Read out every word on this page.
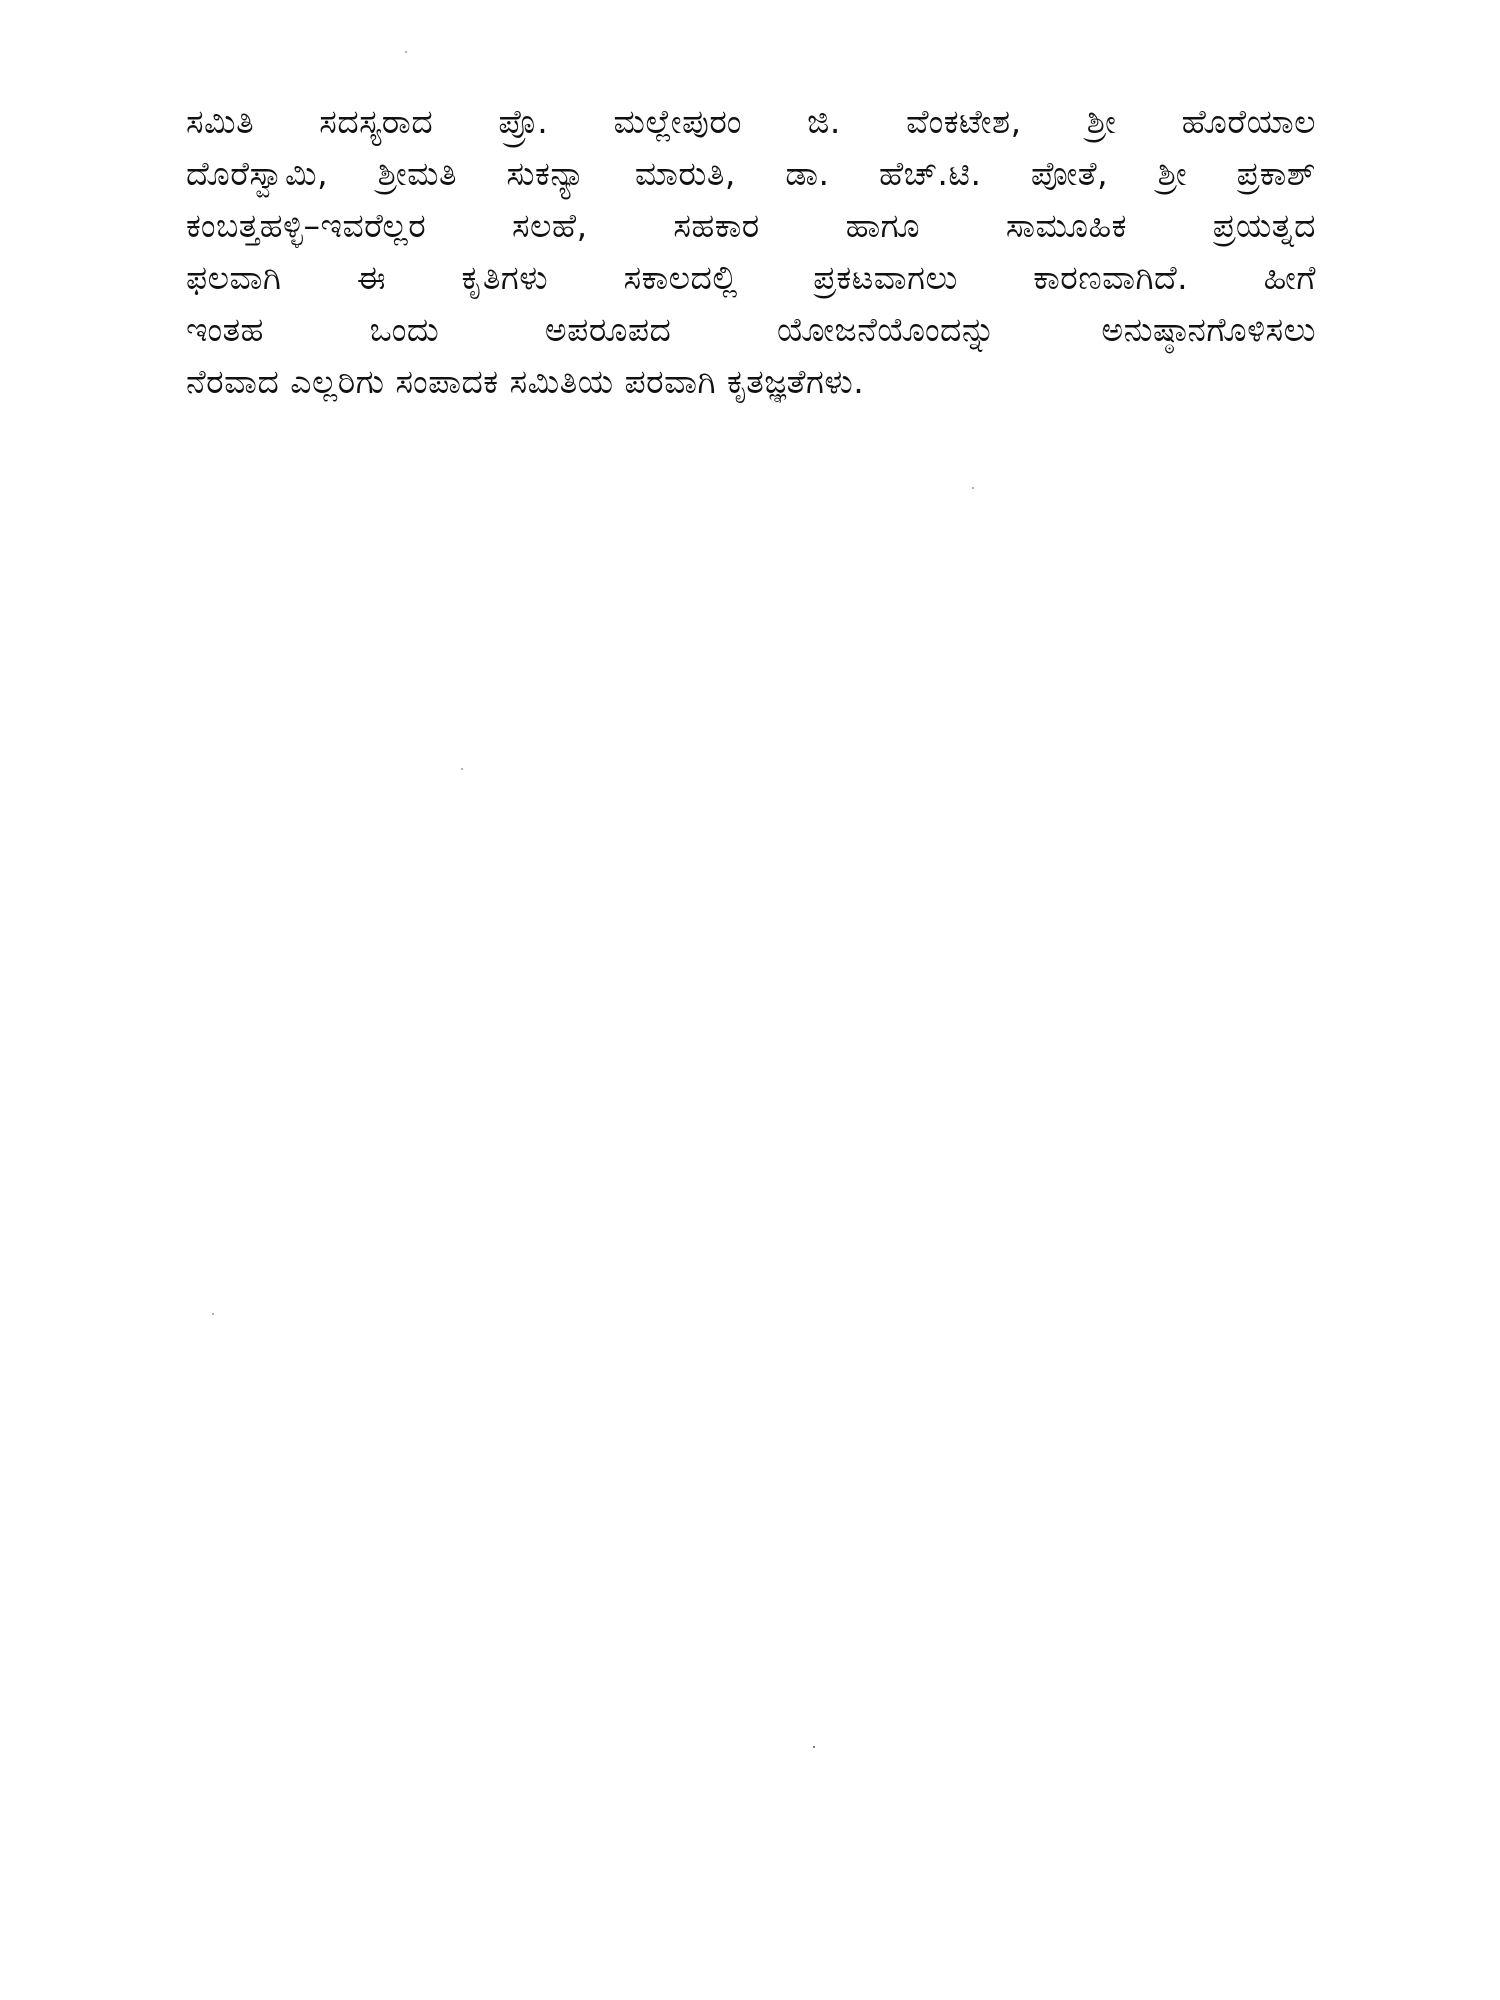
ಸಮಿತಿ ಸದಸ್ಯರಾದ ಪ್ರೊ. ಮಲ್ಲೇಪುರಂ ಜಿ. ವೆಂಕಟೇಶ, ಶ್ರೀ ಹೊರೆಯಾಲ
ದೊರೆಸ್ವಾಮಿ, ಶ್ರೀಮತಿ ಸುಕನ್ಯಾ ಮಾರುತಿ, ಡಾ. ಹೆಚ್.ಟಿ. ಪೋತೆ, ಶ್ರೀ ಪ್ರಕಾಶ್
ಕಂಬತ್ತಹಳ್ಳಿ–ಇವರೆಲ್ಲರ ಸಲಹೆ, ಸಹಕಾರ ಹಾಗೂ ಸಾಮೂಹಿಕ ಪ್ರಯತ್ನದ
ಫಲವಾಗಿ ಈ ಕೃತಿಗಳು ಸಕಾಲದಲ್ಲಿ ಪ್ರಕಟವಾಗಲು ಕಾರಣವಾಗಿದೆ. ಹೀಗೆ
ಇಂತಹ ಒಂದು ಅಪರೂಪದ ಯೋಜನೆಯೊಂದನ್ನು ಅನುಷ್ಠಾನಗೊಳಿಸಲು
ನೆರವಾದ ಎಲ್ಲರಿಗು ಸಂಪಾದಕ ಸಮಿತಿಯ ಪರವಾಗಿ ಕೃತಜ್ಞತೆಗಳು.
